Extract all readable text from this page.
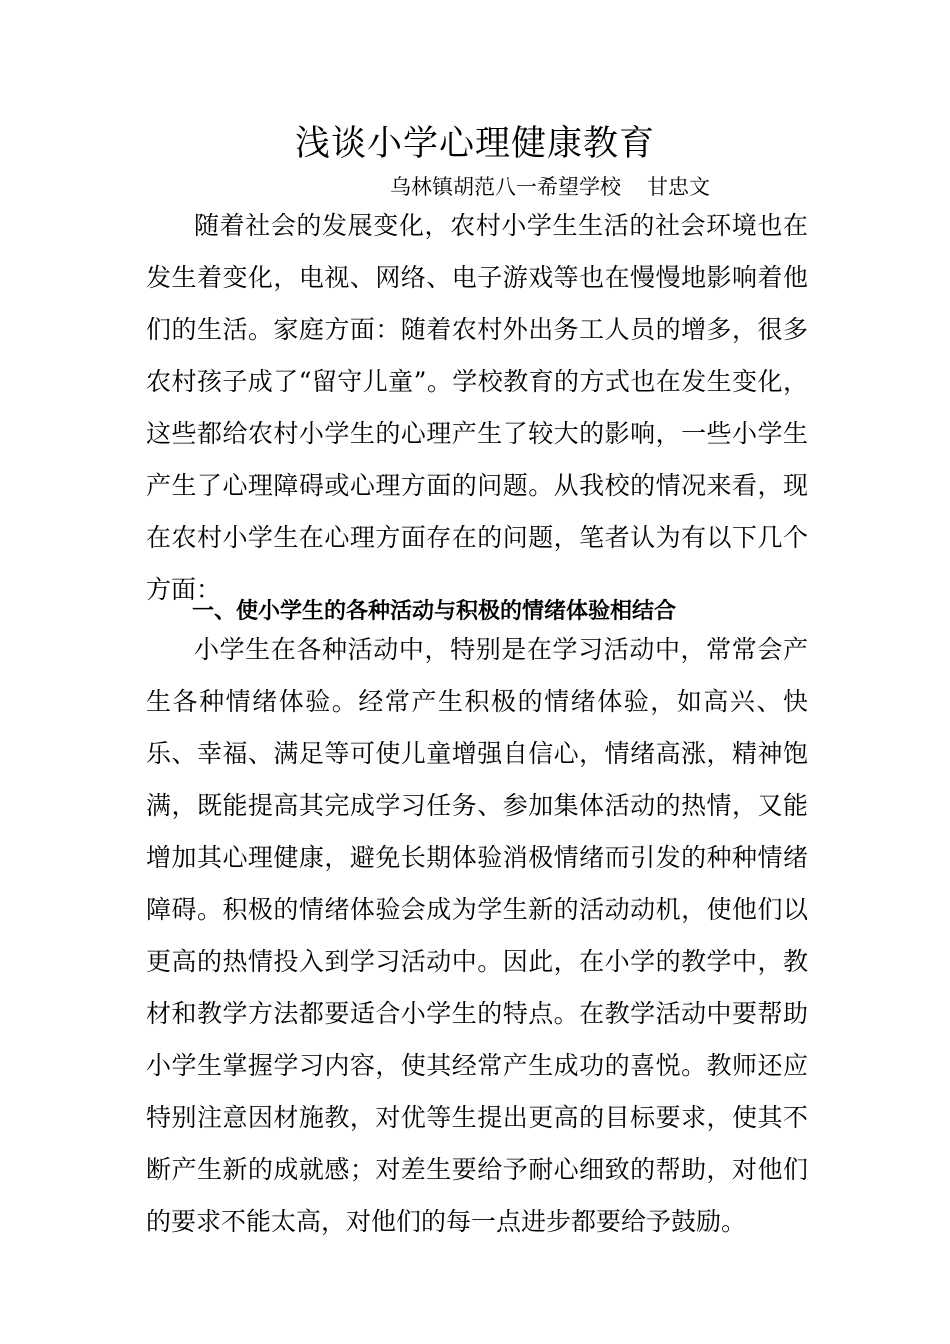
浅谈小学心理健康教育
乌林镇胡范八一希望学校 甘忠文

随着社会的发展变化，农村小学生生活的社会环境也在发生着变化，电视、网络、电子游戏等也在慢慢地影响着他们的生活。家庭方面：随着农村外出务工人员的增多，很多农村孩子成了“留守儿童”。学校教育的方式也在发生变化，这些都给农村小学生的心理产生了较大的影响，一些小学生产生了心理障碍或心理方面的问题。从我校的情况来看，现在农村小学生在心理方面存在的问题，笔者认为有以下几个方面：

一、使小学生的各种活动与积极的情绪体验相结合

小学生在各种活动中，特别是在学习活动中，常常会产生各种情绪体验。经常产生积极的情绪体验，如高兴、快乐、幸福、满足等可使儿童增强自信心，情绪高涨，精神饱满，既能提高其完成学习任务、参加集体活动的热情，又能增加其心理健康，避免长期体验消极情绪而引发的种种情绪障碍。积极的情绪体验会成为学生新的活动动机，使他们以更高的热情投入到学习活动中。因此，在小学的教学中，教材和教学方法都要适合小学生的特点。在教学活动中要帮助小学生掌握学习内容，使其经常产生成功的喜悦。教师还应特别注意因材施教，对优等生提出更高的目标要求，使其不断产生新的成就感；对差生要给予耐心细致的帮助，对他们的要求不能太高，对他们的每一点进步都要给予鼓励。
